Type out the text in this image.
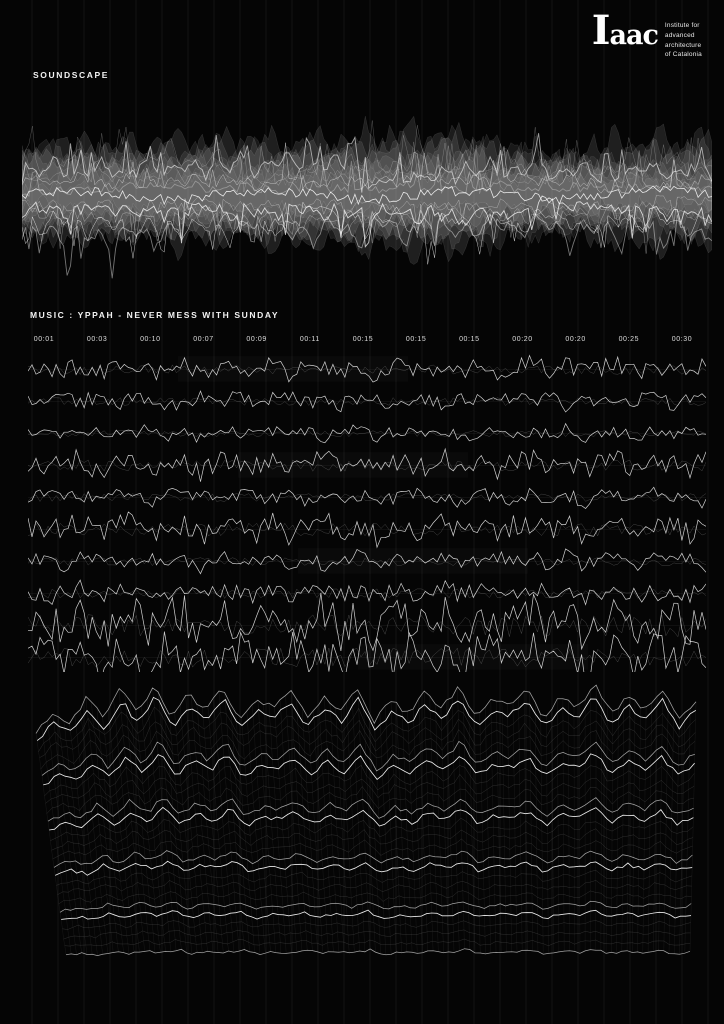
Iaac Institute for
advanced
architecture
of Catalonia
SOUNDSCAPE
MUSIC : YPPAH - NEVER MESS WITH SUNDAY
00:01	00:03	00:10	00:07	00:09	00:11	00:15	00:15	00:15	00:20	00:20	00:25	00:30
